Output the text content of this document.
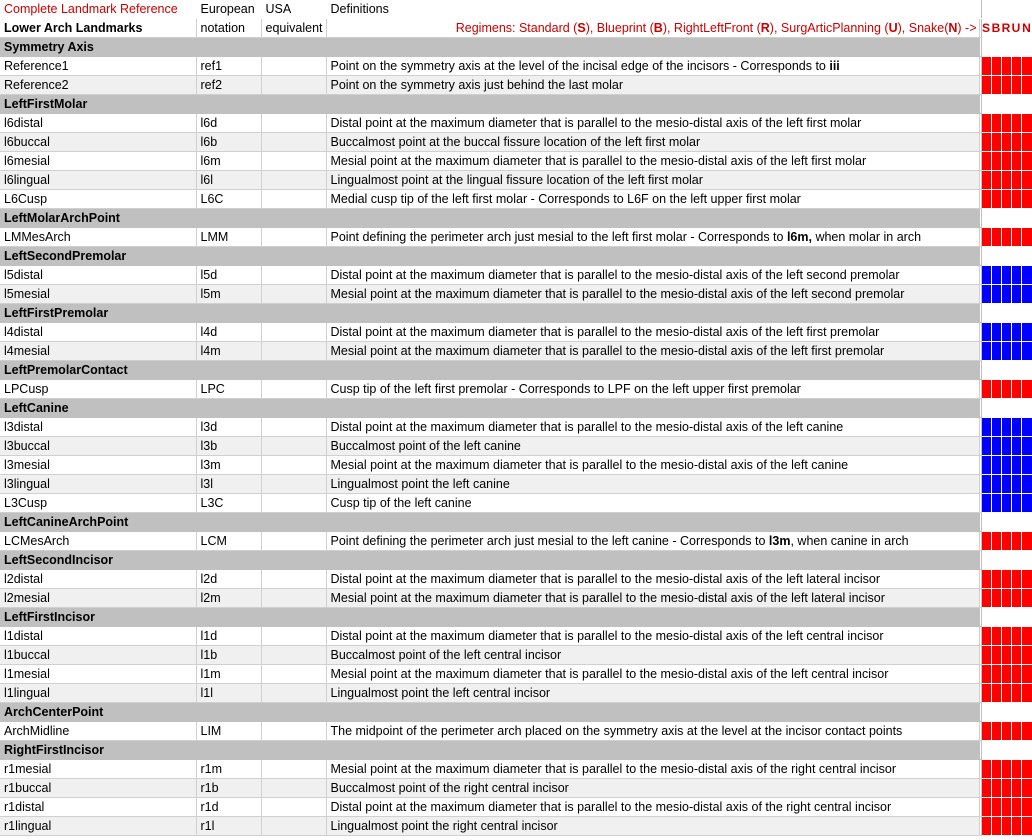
Complete Landmark Reference	European	USA	Definitions						
Lower Arch Landmarks	notation	equivalent	Regimens: Standard (S), Blueprint (B), RightLeftFront (R), SurgArticPlanning (U), Snake(N) ->		S	B	R	U	N
Symmetry Axis									
Reference1	ref1		Point on the symmetry axis at the level of the incisal edge of the incisors - Corresponds to iii						
Reference2	ref2		Point on the symmetry axis just behind the last molar						
LeftFirstMolar									
l6distal	l6d		Distal point at the maximum diameter that is parallel to the mesio-distal axis of the left first molar						
l6buccal	l6b		Buccalmost point at the buccal fissure location of the left first molar						
l6mesial	l6m		Mesial point at the maximum diameter that is parallel to the mesio-distal axis of the left first molar						
l6lingual	l6l		Lingualmost point at the lingual fissure location of the left first molar						
L6Cusp	L6C		Medial cusp tip of the left first molar - Corresponds to L6F on the left upper first molar						
LeftMolarArchPoint									
LMMesArch	LMM		Point defining the perimeter arch just mesial to the left first molar - Corresponds to l6m, when molar in arch						
LeftSecondPremolar									
l5distal	l5d		Distal point at the maximum diameter that is parallel to the mesio-distal axis of the left second premolar						
l5mesial	l5m		Mesial point at the maximum diameter that is parallel to the mesio-distal axis of the left second premolar						
LeftFirstPremolar									
l4distal	l4d		Distal point at the maximum diameter that is parallel to the mesio-distal axis of the left first premolar						
l4mesial	l4m		Mesial point at the maximum diameter that is parallel to the mesio-distal axis of the left first premolar						
LeftPremolarContact									
LPCusp	LPC		Cusp tip of the left first premolar - Corresponds to LPF on the left upper first premolar						
LeftCanine									
l3distal	l3d		Distal point at the maximum diameter that is parallel to the mesio-distal axis of the left canine						
l3buccal	l3b		Buccalmost point of the left canine						
l3mesial	l3m		Mesial point at the maximum diameter that is parallel to the mesio-distal axis of the left canine						
l3lingual	l3l		Lingualmost point the left canine						
L3Cusp	L3C		Cusp tip of the left canine						
LeftCanineArchPoint									
LCMesArch	LCM		Point defining the perimeter arch just mesial to the left canine - Corresponds to l3m, when canine in arch						
LeftSecondIncisor									
l2distal	l2d		Distal point at the maximum diameter that is parallel to the mesio-distal axis of the left lateral incisor						
l2mesial	l2m		Mesial point at the maximum diameter that is parallel to the mesio-distal axis of the left lateral incisor						
LeftFirstIncisor									
l1distal	l1d		Distal point at the maximum diameter that is parallel to the mesio-distal axis of the left central incisor						
l1buccal	l1b		Buccalmost point of the left central incisor						
l1mesial	l1m		Mesial point at the maximum diameter that is parallel to the mesio-distal axis of the left central incisor						
l1lingual	l1l		Lingualmost point the left central incisor						
ArchCenterPoint									
ArchMidline	LIM		The midpoint of the perimeter arch placed on the symmetry axis at the level at the incisor contact points						
RightFirstIncisor									
r1mesial	r1m		Mesial point at the maximum diameter that is parallel to the mesio-distal axis of the right central incisor						
r1buccal	r1b		Buccalmost point of the right central incisor						
r1distal	r1d		Distal point at the maximum diameter that is parallel to the mesio-distal axis of the right central incisor						
r1lingual	r1l		Lingualmost point the right central incisor						
